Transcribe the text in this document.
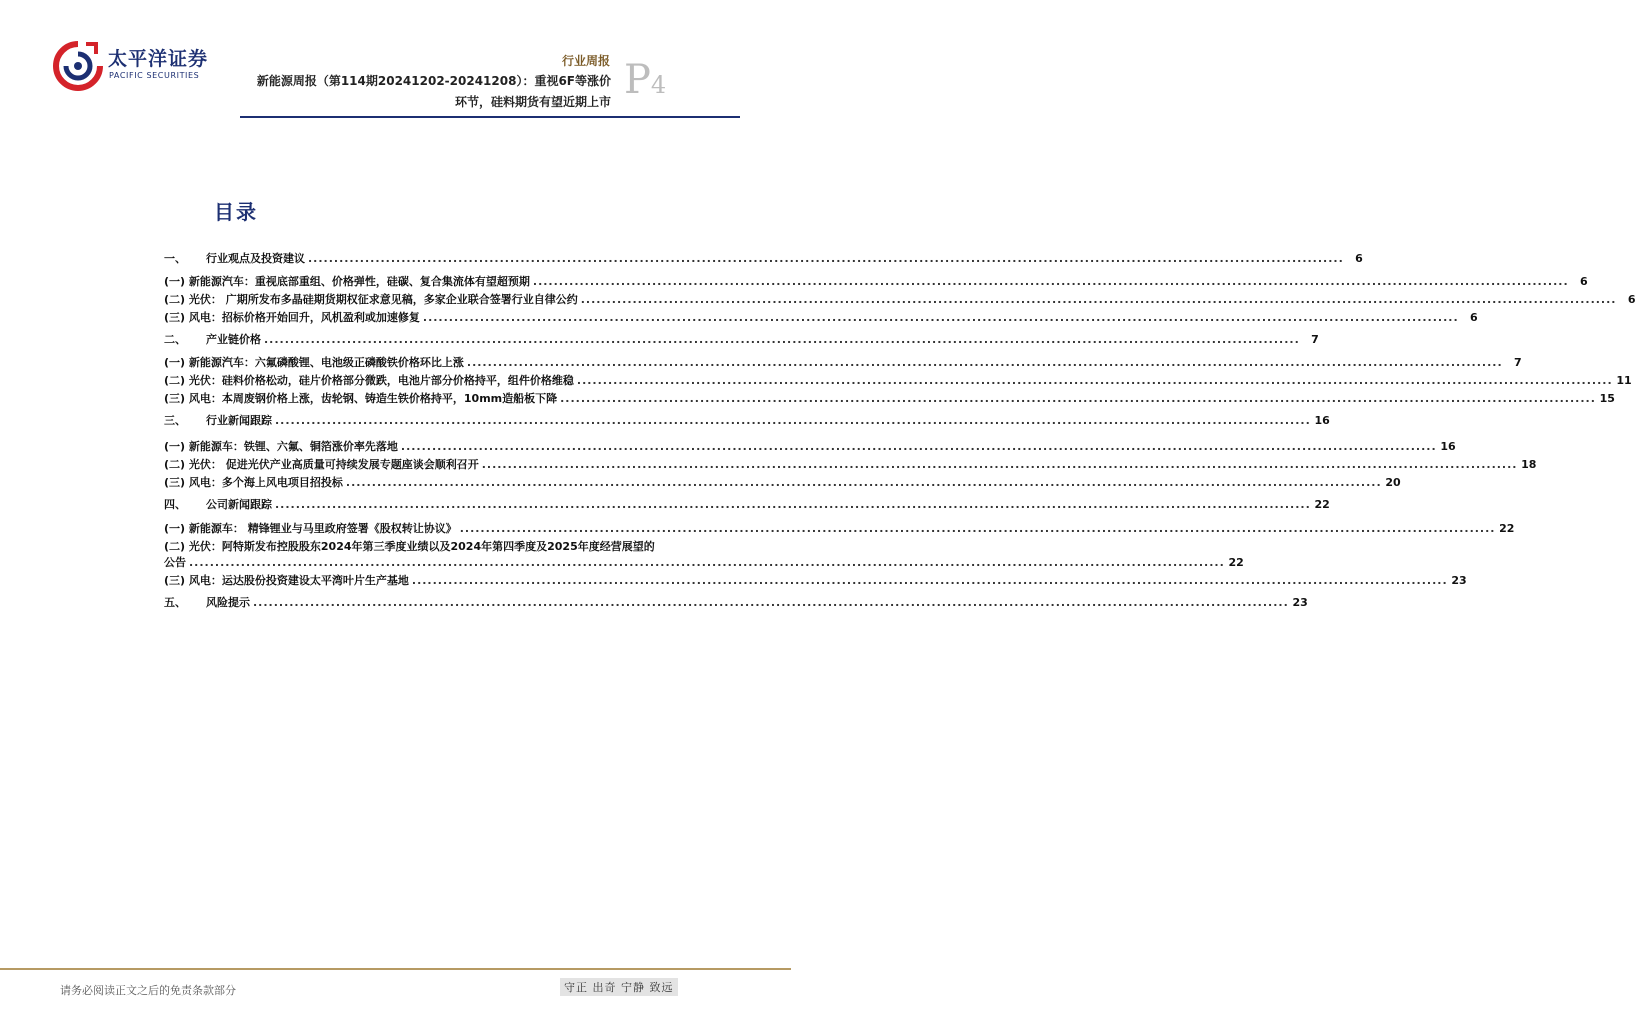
太平洋证券
PACIFIC SECURITIES
行业周报
新能源周报（第114期20241202-20241208）：重视6F等涨价
环节，硅料期货有望近期上市 P4
目录
一、	行业观点及投资建议 ........................................................................................................................................................................................................	6
(一) 新能源汽车：重视底部重组、价格弹性，硅碳、复合集流体有望超预期 ........................................................................................................................................................................................................	6
(二) 光伏： 广期所发布多晶硅期货期权征求意见稿，多家企业联合签署行业自律公约 ........................................................................................................................................................................................................	6
(三) 风电：招标价格开始回升，风机盈利或加速修复 ........................................................................................................................................................................................................	6
二、	产业链价格 ........................................................................................................................................................................................................	7
(一) 新能源汽车：六氟磷酸锂、电池级正磷酸铁价格环比上涨 ........................................................................................................................................................................................................	7
(二) 光伏：硅料价格松动，硅片价格部分微跌，电池片部分价格持平，组件价格维稳 ........................................................................................................................................................................................................ 11
(三) 风电：本周废钢价格上涨，齿轮钢、铸造生铁价格持平，10mm造船板下降 ........................................................................................................................................................................................................ 15
三、	行业新闻跟踪 ........................................................................................................................................................................................................ 16
(一) 新能源车：铁锂、六氟、铜箔涨价率先落地 ........................................................................................................................................................................................................ 16
(二) 光伏： 促进光伏产业高质量可持续发展专题座谈会顺利召开 ........................................................................................................................................................................................................ 18
(三) 风电：多个海上风电项目招投标 ........................................................................................................................................................................................................ 20
四、	公司新闻跟踪 ........................................................................................................................................................................................................ 22
(一) 新能源车： 精锋锂业与马里政府签署《股权转让协议》 ........................................................................................................................................................................................................ 22
(二) 光伏：阿特斯发布控股股东2024年第三季度业绩以及2024年第四季度及2025年度经营展望的
公告 ........................................................................................................................................................................................................ 22
(三) 风电：运达股份投资建设太平湾叶片生产基地 ........................................................................................................................................................................................................ 23
五、	风险提示 ........................................................................................................................................................................................................ 23
请务必阅读正文之后的免责条款部分	守正 出奇 宁静 致远
